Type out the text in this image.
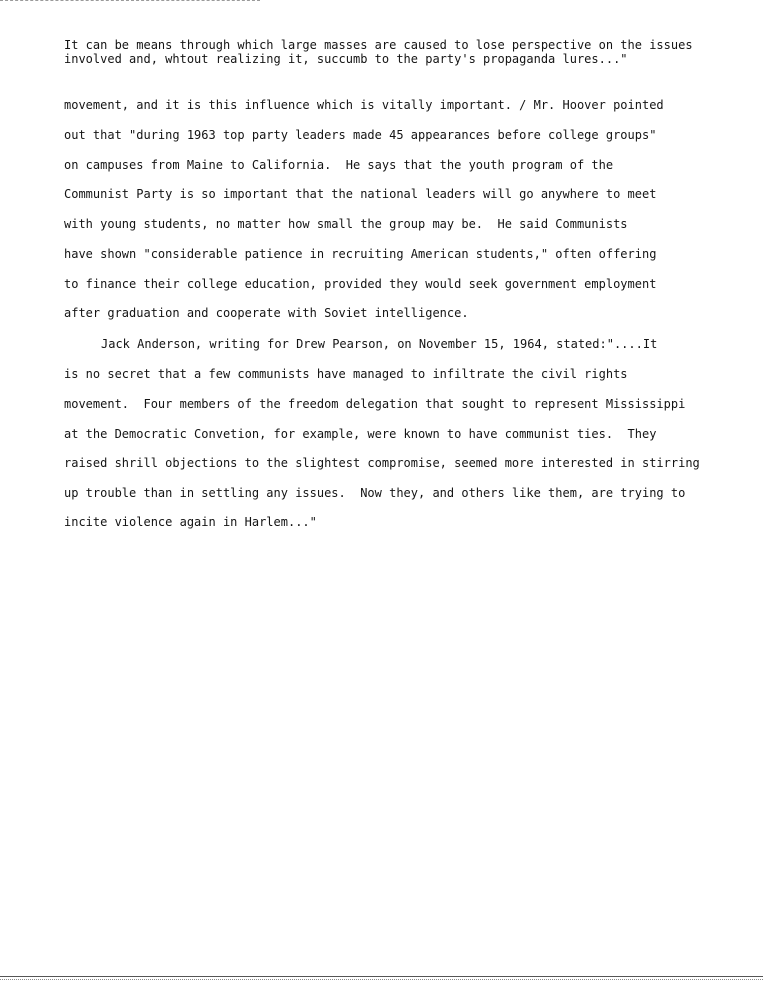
It can be means through which large masses are caused to lose perspective on the issues
involved and, whtout realizing it, succumb to the party's propaganda lures..."
movement, and it is this influence which is vitally important. / Mr. Hoover pointed
out that "during 1963 top party leaders made 45 appearances before college groups"
on campuses from Maine to California.  He says that the youth program of the
Communist Party is so important that the national leaders will go anywhere to meet
with young students, no matter how small the group may be.  He said Communists
have shown "considerable patience in recruiting American students," often offering
to finance their college education, provided they would seek government employment
after graduation and cooperate with Soviet intelligence.
Jack Anderson, writing for Drew Pearson, on November 15, 1964, stated:"....It
is no secret that a few communists have managed to infiltrate the civil rights
movement.  Four members of the freedom delegation that sought to represent Mississippi
at the Democratic Convetion, for example, were known to have communist ties.  They
raised shrill objections to the slightest compromise, seemed more interested in stirring
up trouble than in settling any issues.  Now they, and others like them, are trying to
incite violence again in Harlem..."
